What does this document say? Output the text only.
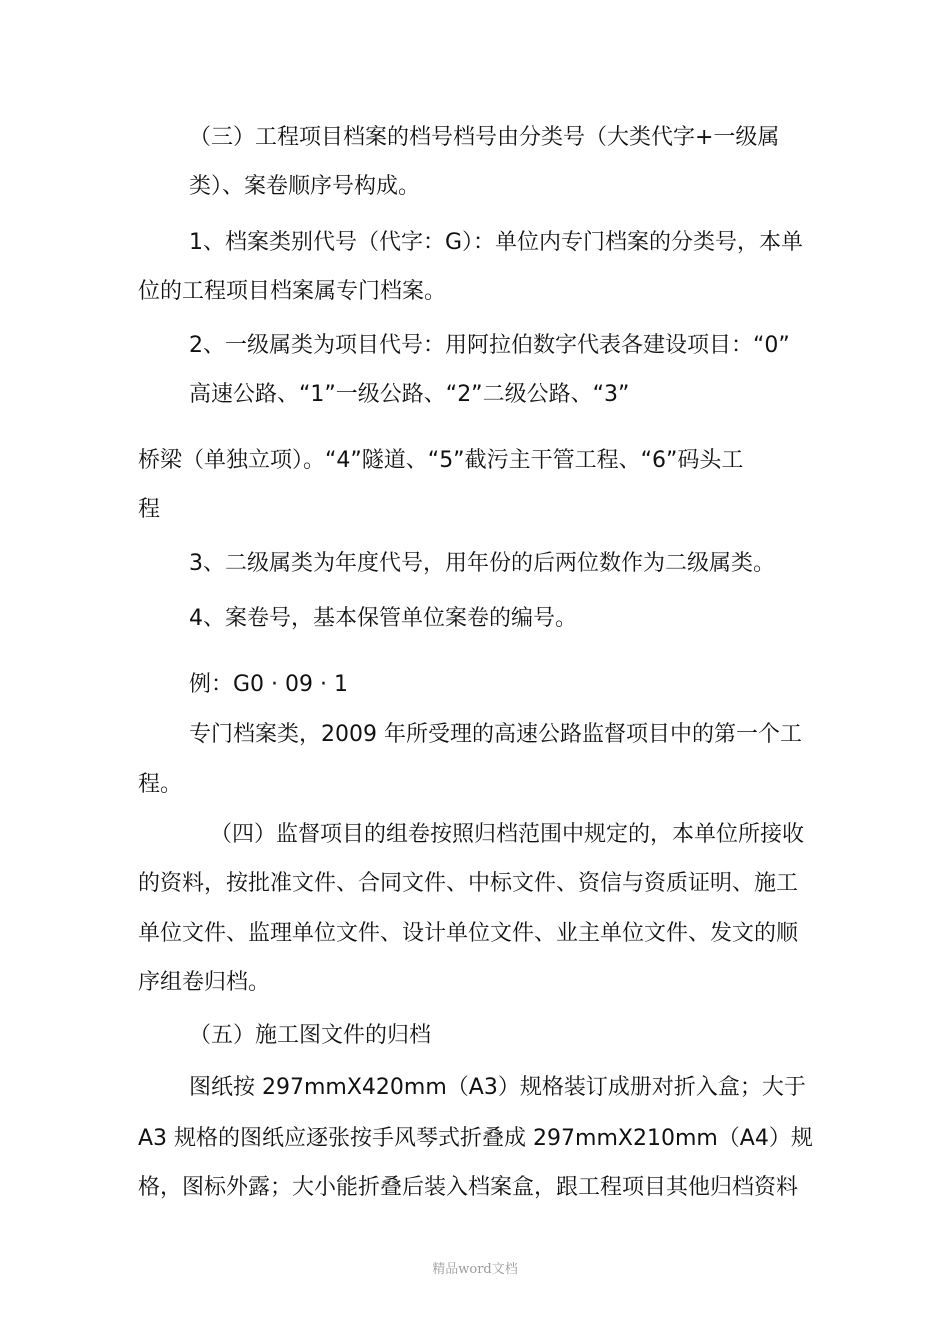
（三）工程项目档案的档号档号由分类号（大类代字+一级属

类）、案卷顺序号构成。

1、档案类别代号（代字：G）：单位内专门档案的分类号，本单

位的工程项目档案属专门档案。

2、一级属类为项目代号：用阿拉伯数字代表各建设项目：“0”

高速公路、“1”一级公路、“2”二级公路、“3”

桥梁（单独立项）。“4”隧道、“5”截污主干管工程、“6”码头工

程

3、二级属类为年度代号，用年份的后两位数作为二级属类。

4、案卷号，基本保管单位案卷的编号。

例：G0 · 09 · 1

专门档案类，2009 年所受理的高速公路监督项目中的第一个工

程。

（四）监督项目的组卷按照归档范围中规定的，本单位所接收

的资料，按批准文件、合同文件、中标文件、资信与资质证明、施工

单位文件、监理单位文件、设计单位文件、业主单位文件、发文的顺

序组卷归档。

（五）施工图文件的归档

图纸按 297mmX420mm（A3）规格装订成册对折入盒；大于

A3 规格的图纸应逐张按手风琴式折叠成 297mmX210mm（A4）规

格，图标外露；大小能折叠后装入档案盒，跟工程项目其他归档资料

精品word文档
